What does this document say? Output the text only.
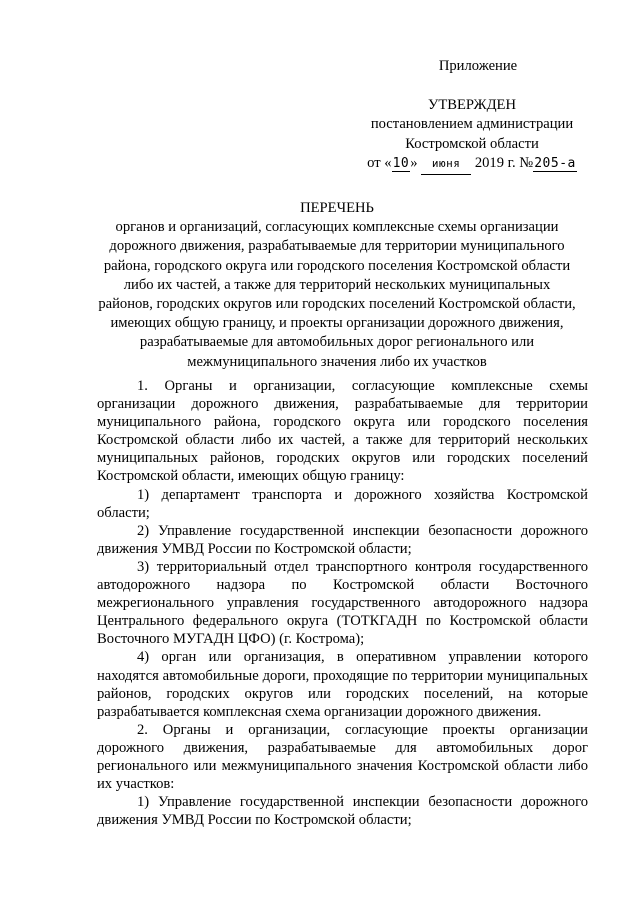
Приложение
УТВЕРЖДЕН
постановлением администрации
Костромской области
от «10» июня 2019 г. №205-а
ПЕРЕЧЕНЬ
органов и организаций, согласующих комплексные схемы организации дорожного движения, разрабатываемые для территории муниципального района, городского округа или городского поселения Костромской области либо их частей, а также для территорий нескольких муниципальных районов, городских округов или городских поселений Костромской области, имеющих общую границу, и проекты организации дорожного движения, разрабатываемые для автомобильных дорог регионального или межмуниципального значения либо их участков

1. Органы и организации, согласующие комплексные схемы организации дорожного движения, разрабатываемые для территории муниципального района, городского округа или городского поселения Костромской области либо их частей, а также для территорий нескольких муниципальных районов, городских округов или городских поселений Костромской области, имеющих общую границу:

1) департамент транспорта и дорожного хозяйства Костромской области;

2) Управление государственной инспекции безопасности дорожного движения УМВД России по Костромской области;

3) территориальный отдел транспортного контроля государственного автодорожного надзора по Костромской области Восточного межрегионального управления государственного автодорожного надзора Центрального федерального округа (ТОТКГАДН по Костромской области Восточного МУГАДН ЦФО) (г. Кострома);

4) орган или организация, в оперативном управлении которого находятся автомобильные дороги, проходящие по территории муниципальных районов, городских округов или городских поселений, на которые разрабатывается комплексная схема организации дорожного движения.

2. Органы и организации, согласующие проекты организации дорожного движения, разрабатываемые для автомобильных дорог регионального или межмуниципального значения Костромской области либо их участков:

1) Управление государственной инспекции безопасности дорожного движения УМВД России по Костромской области;
